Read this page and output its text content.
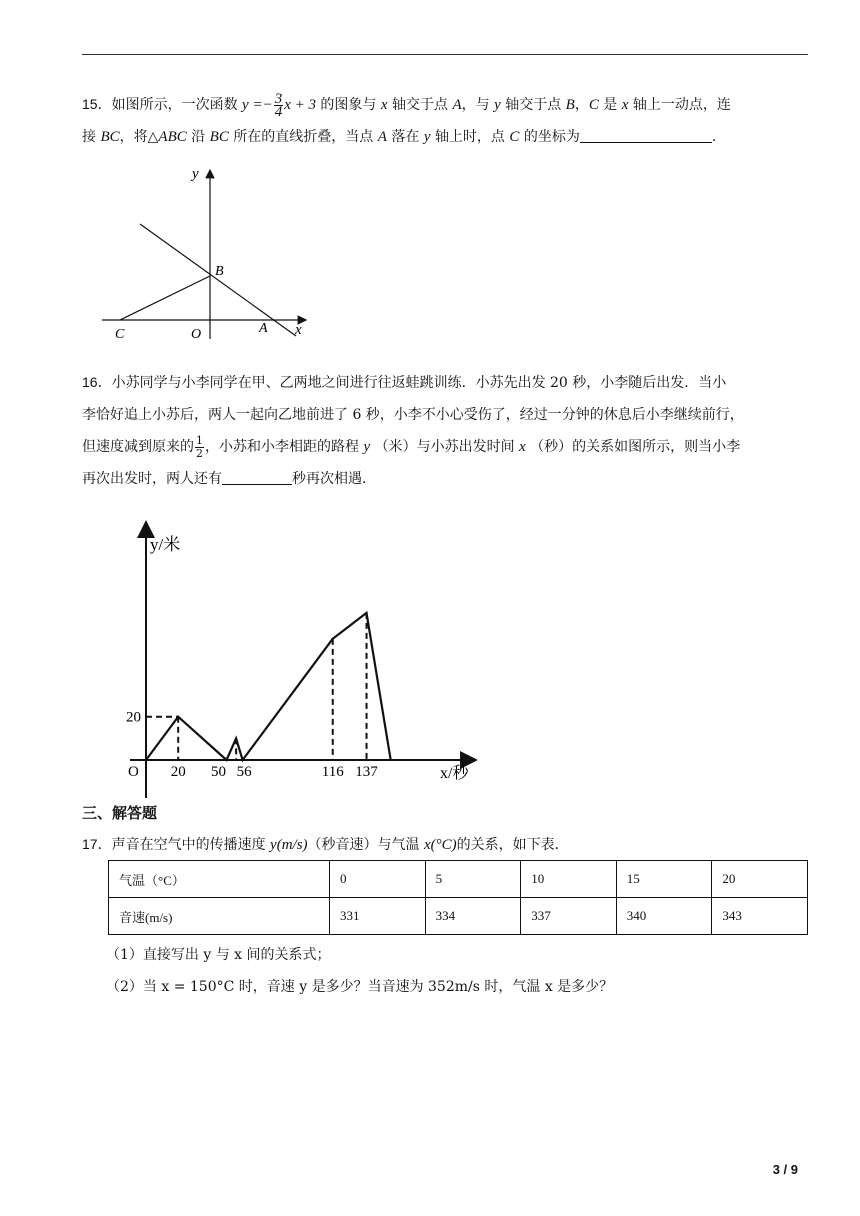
15．如图所示，一次函数 $y =- \frac{3}{4}$ x + 3 的图象与 x 轴交于点 A，与 y 轴交于点 B，C 是 x 轴上一动点，连
接 BC，将△ABC 沿 BC 所在的直线折叠，当点 A 落在 y 轴上时，点 C 的坐标为	．
y
x
B
C	O	A
16．小苏同学与小李同学在甲、乙两地之间进行往返蛙跳训练．小苏先出发 20 秒，小李随后出发．当小
李恰好追上小苏后，两人一起向乙地前进了 6 秒，小李不小心受伤了，经过一分钟的休息后小李继续前行，
但速度减到原来的 $\frac{1}{2}$ ，小苏和小李相距的路程 y （米）与小苏出发时间 x （秒）的关系如图所示，则当小李
再次出发时，两人还有	秒再次相遇．
20 50 56	116 137
20
y/米
x/秒
O
三、解答题
17．声音在空气中的传播速度 y(m/s)（秒音速）与气温 x(°C)的关系，如下表．
气温（°C）	0	5	10	15	20
音速(m/s)	331	334	337	340	343
（1）直接写出 y 与 x 间的关系式；
（2）当 x = 150°C 时，音速 y 是多少？当音速为 352m/s 时，气温 x 是多少？
3 / 9
